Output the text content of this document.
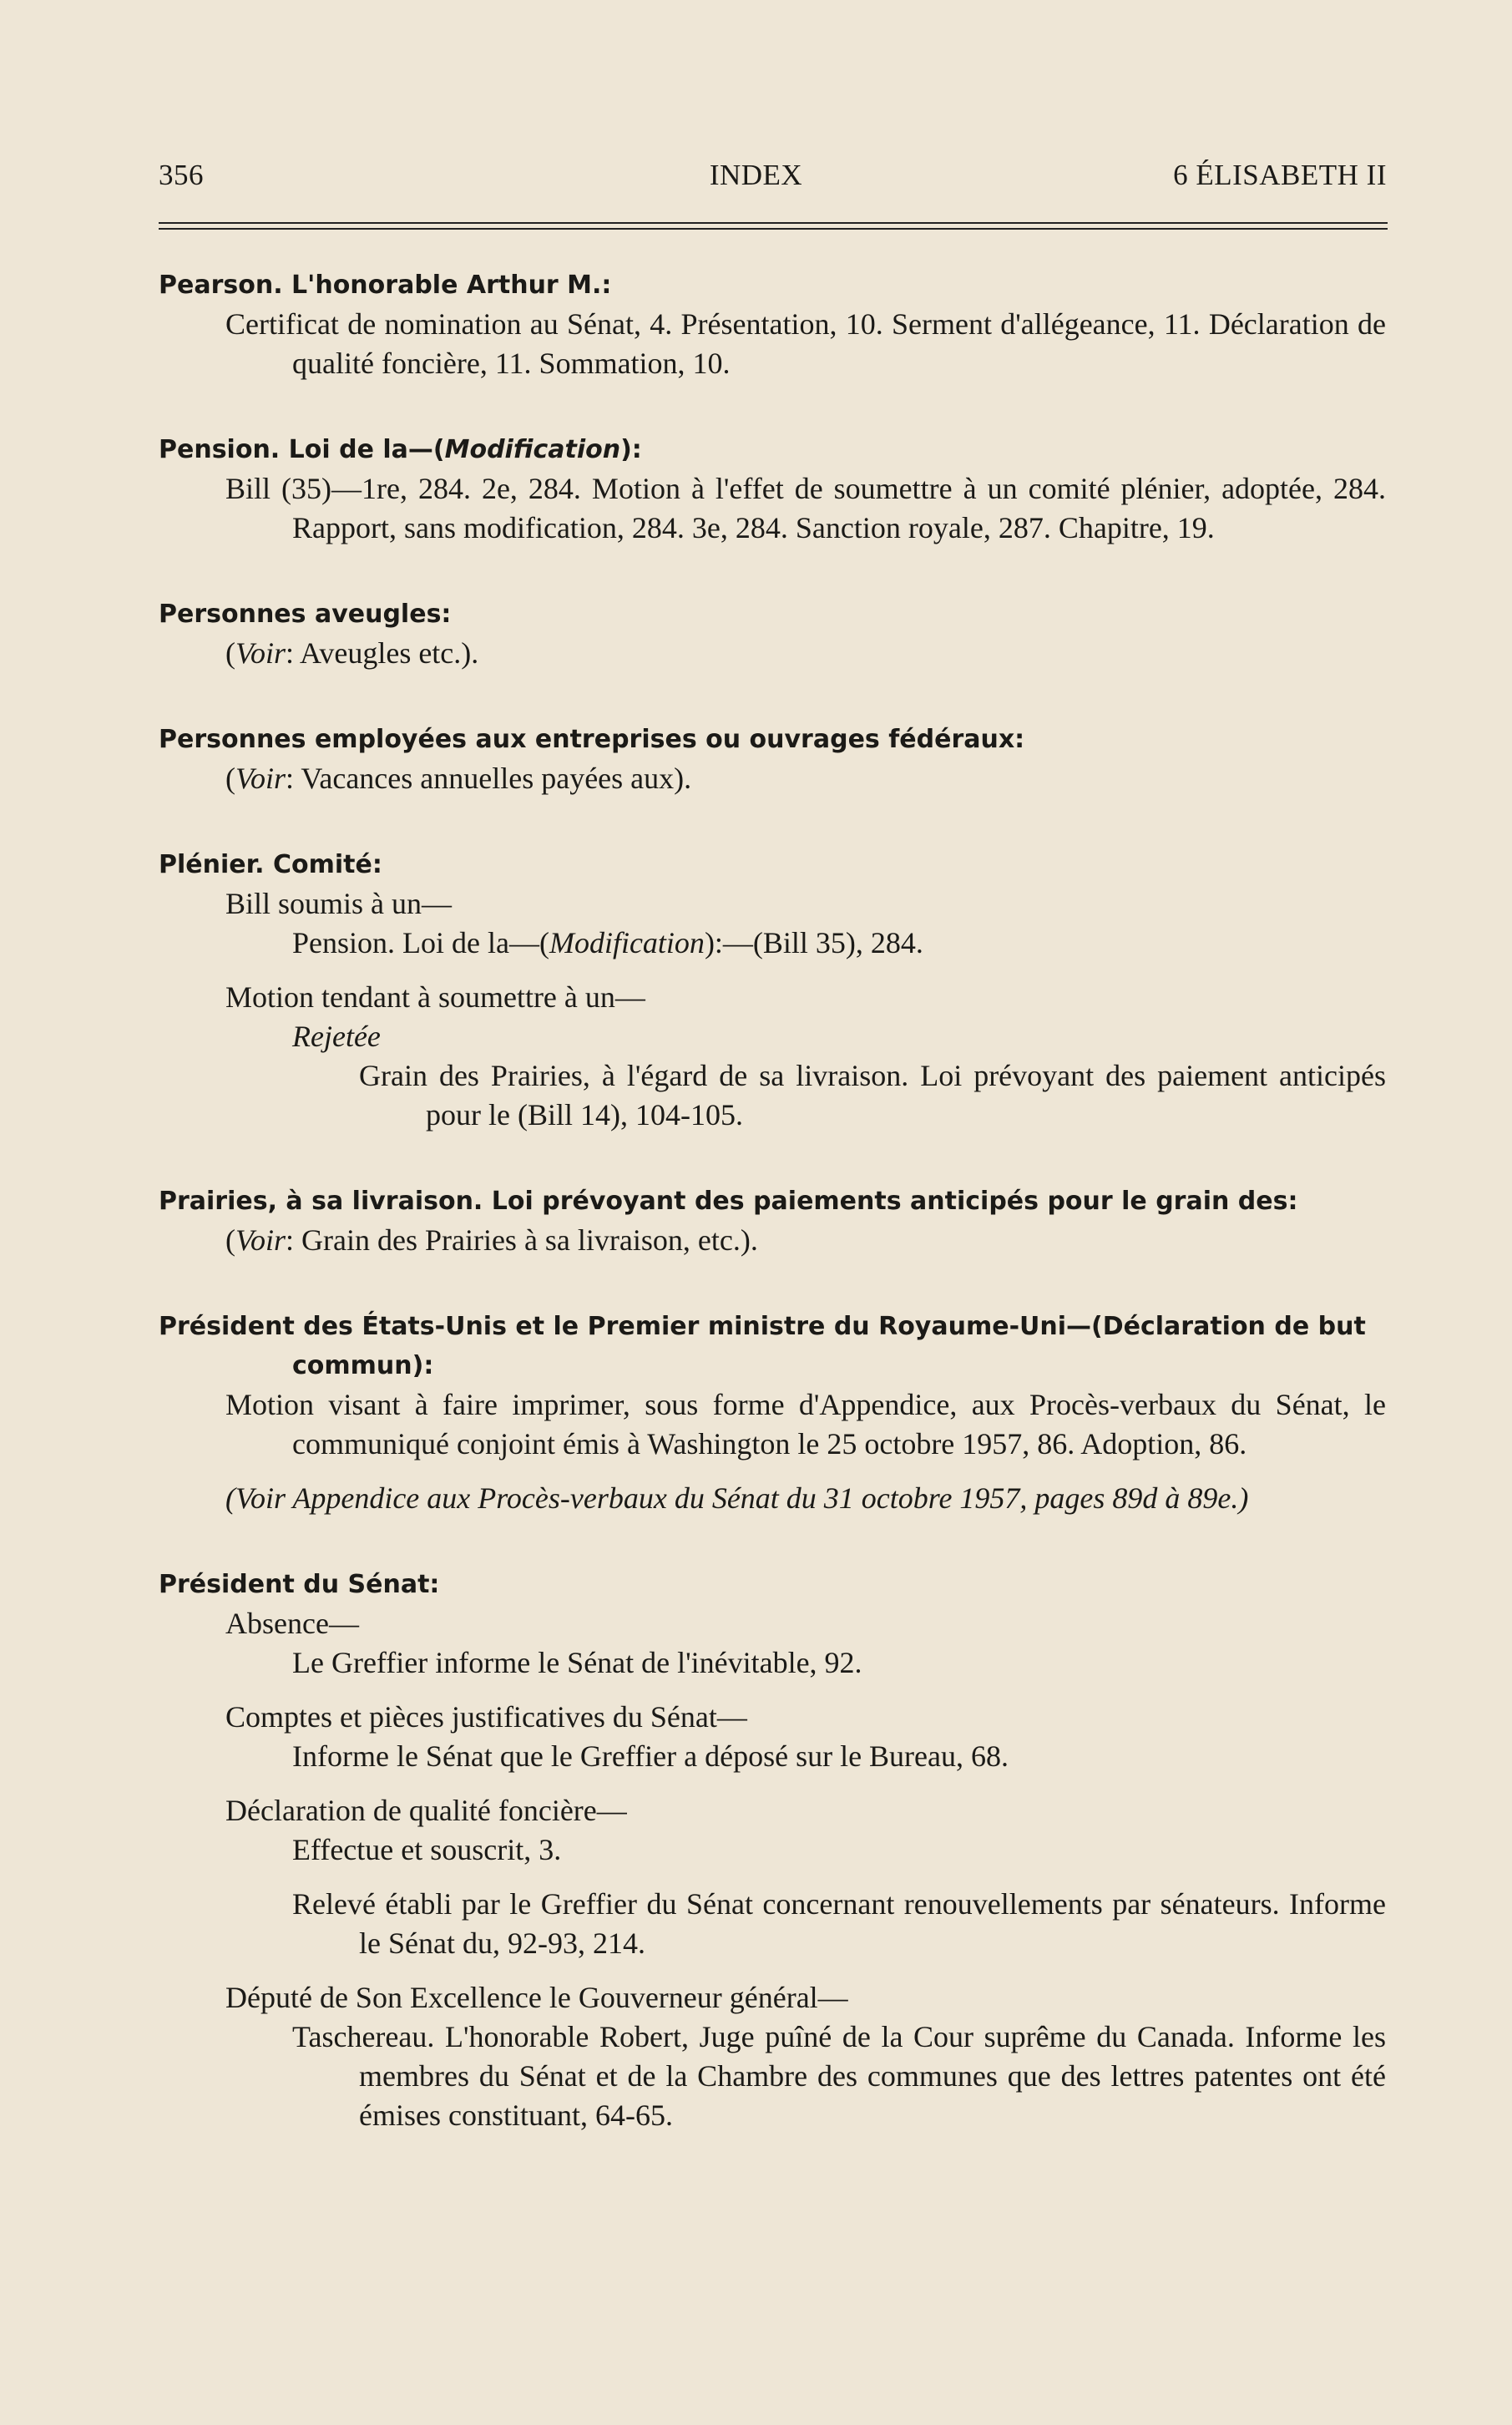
356	INDEX	6 ÉLISABETH II
Pearson. L'honorable Arthur M.:
Certificat de nomination au Sénat, 4. Présentation, 10. Serment d'allégeance, 11. Déclaration de qualité foncière, 11. Sommation, 10.
Pension. Loi de la—(Modification):
Bill (35)—1re, 284. 2e, 284. Motion à l'effet de soumettre à un comité plénier, adoptée, 284. Rapport, sans modification, 284. 3e, 284. Sanction royale, 287. Chapitre, 19.
Personnes aveugles:
(Voir: Aveugles etc.).
Personnes employées aux entreprises ou ouvrages fédéraux:
(Voir: Vacances annuelles payées aux).
Plénier. Comité:
Bill soumis à un—
Pension. Loi de la—(Modification):—(Bill 35), 284.
Motion tendant à soumettre à un—
Rejetée
Grain des Prairies, à l'égard de sa livraison. Loi prévoyant des paiement anticipés pour le (Bill 14), 104-105.
Prairies, à sa livraison. Loi prévoyant des paiements anticipés pour le grain des:
(Voir: Grain des Prairies à sa livraison, etc.).
Président des États-Unis et le Premier ministre du Royaume-Uni—(Déclaration de but commun):
Motion visant à faire imprimer, sous forme d'Appendice, aux Procès-verbaux du Sénat, le communiqué conjoint émis à Washington le 25 octobre 1957, 86. Adoption, 86.
(Voir Appendice aux Procès-verbaux du Sénat du 31 octobre 1957, pages 89d à 89e.)
Président du Sénat:
Absence—
Le Greffier informe le Sénat de l'inévitable, 92.
Comptes et pièces justificatives du Sénat—
Informe le Sénat que le Greffier a déposé sur le Bureau, 68.
Déclaration de qualité foncière—
Effectue et souscrit, 3.
Relevé établi par le Greffier du Sénat concernant renouvellements par sénateurs. Informe le Sénat du, 92-93, 214.
Député de Son Excellence le Gouverneur général—
Taschereau. L'honorable Robert, Juge puîné de la Cour suprême du Canada. Informe les membres du Sénat et de la Chambre des communes que des lettres patentes ont été émises constituant, 64-65.
